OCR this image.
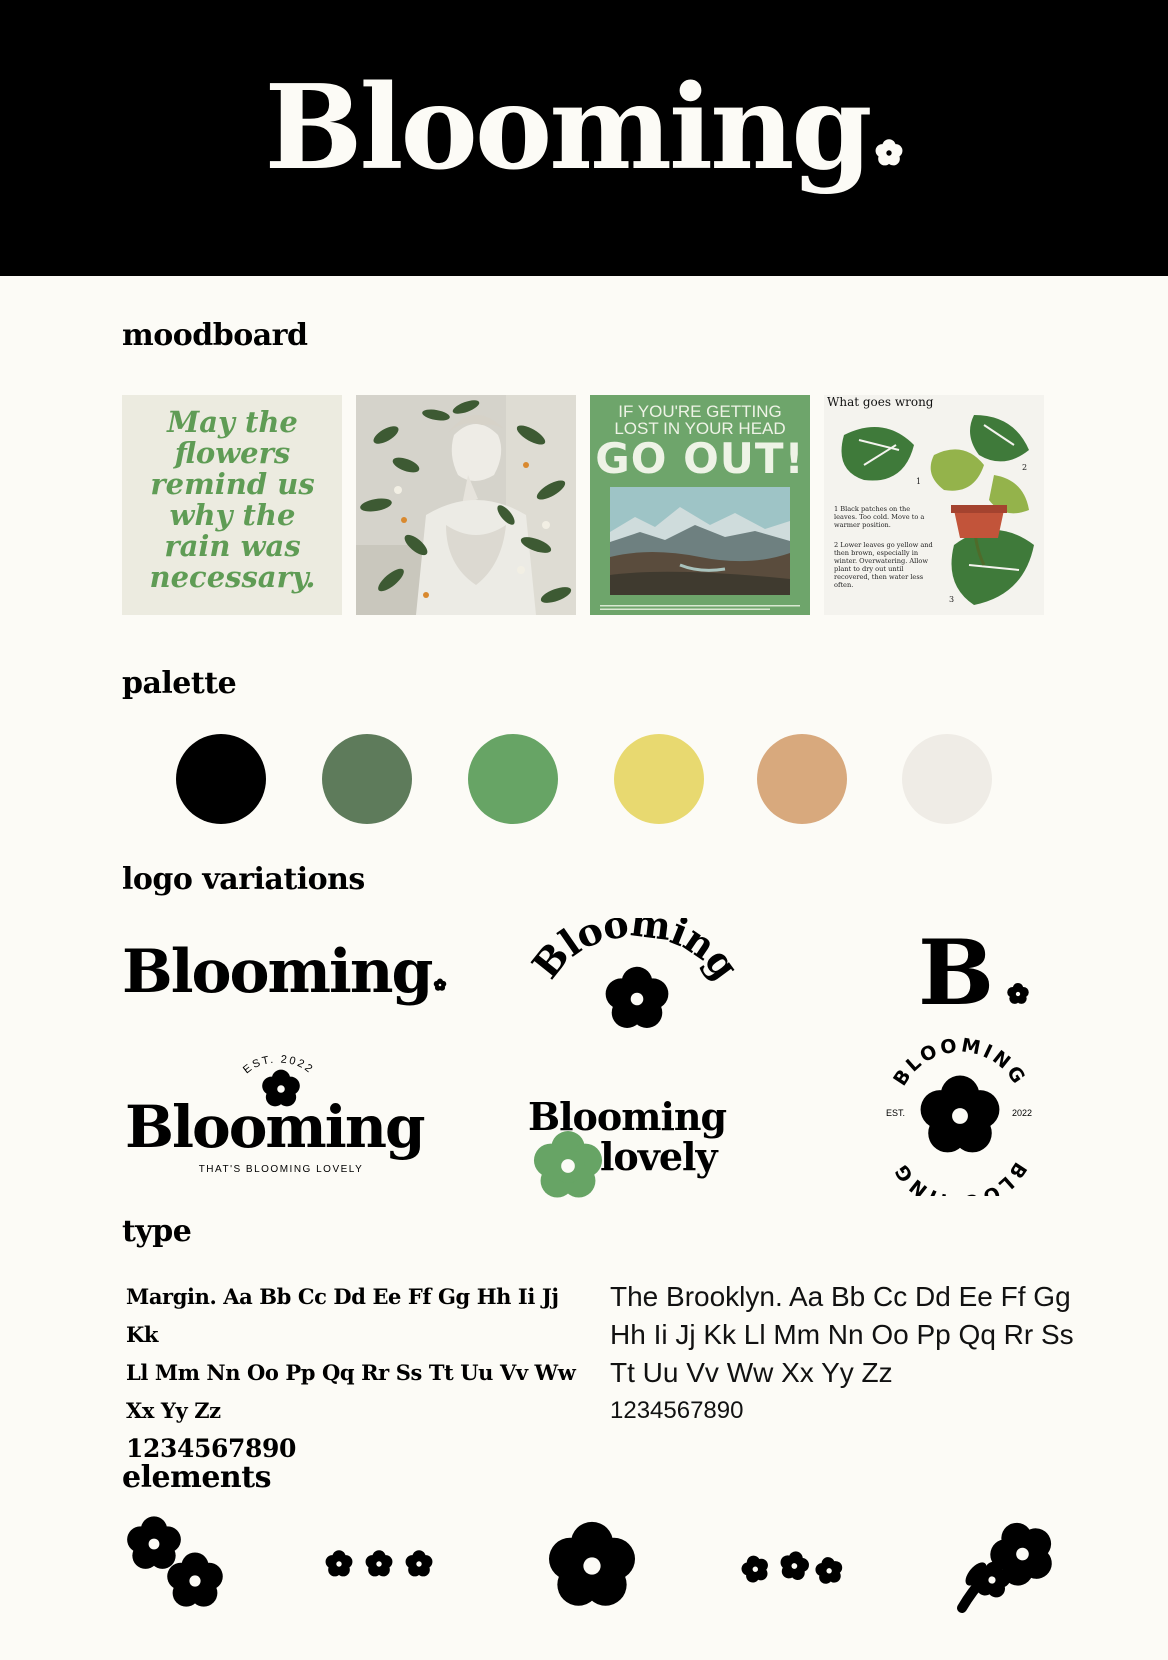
Blooming
moodboard
May the
flowers
remind us
why the
rain was
necessary.
IF YOU'RE GETTING
LOST IN YOUR HEAD
GO OUT!
What goes wrong
1
2
3
1 Black patches on the leaves. Too cold. Move to a warmer position.
2 Lower leaves go yellow and then brown, especially in winter. Overwatering. Allow plant to dry out until recovered, then water less often.
palette
logo variations
Blooming	loomin B
EST. 2022
Blooming
THAT'S BLOOMING LOVELY
Blooming
lovely
BLOOMING
BLO ING
EST.	2022
type
Margin. Aa Bb Cc Dd Ee Ff Gg Hh Ii Jj Kk
Ll Mm Nn Oo Pp Qq Rr Ss Tt Uu Vv Ww
Xx Yy Zz
1234567890
The Brooklyn. Aa Bb Cc Dd Ee Ff Gg
Hh Ii Jj Kk Ll Mm Nn Oo Pp Qq Rr Ss
Tt Uu Vv Ww Xx Yy Zz
1234567890
elements
